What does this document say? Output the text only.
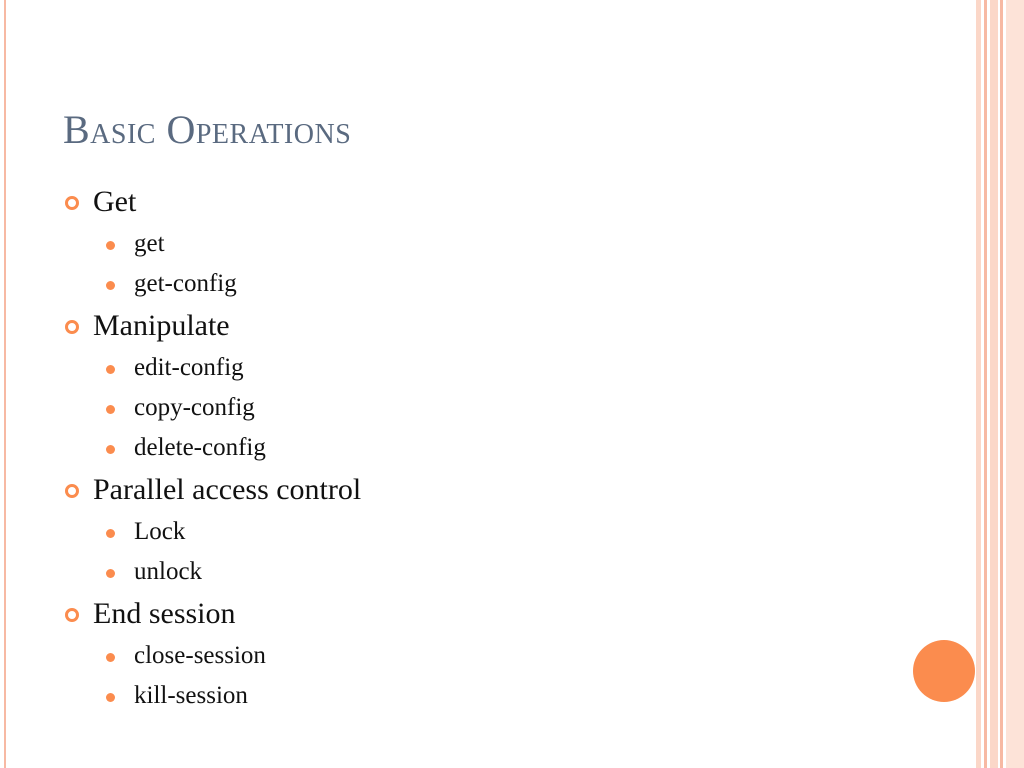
Basic Operations
Get
get
get-config
Manipulate
edit-config
copy-config
delete-config
Parallel access control
Lock
unlock
End session
close-session
kill-session
